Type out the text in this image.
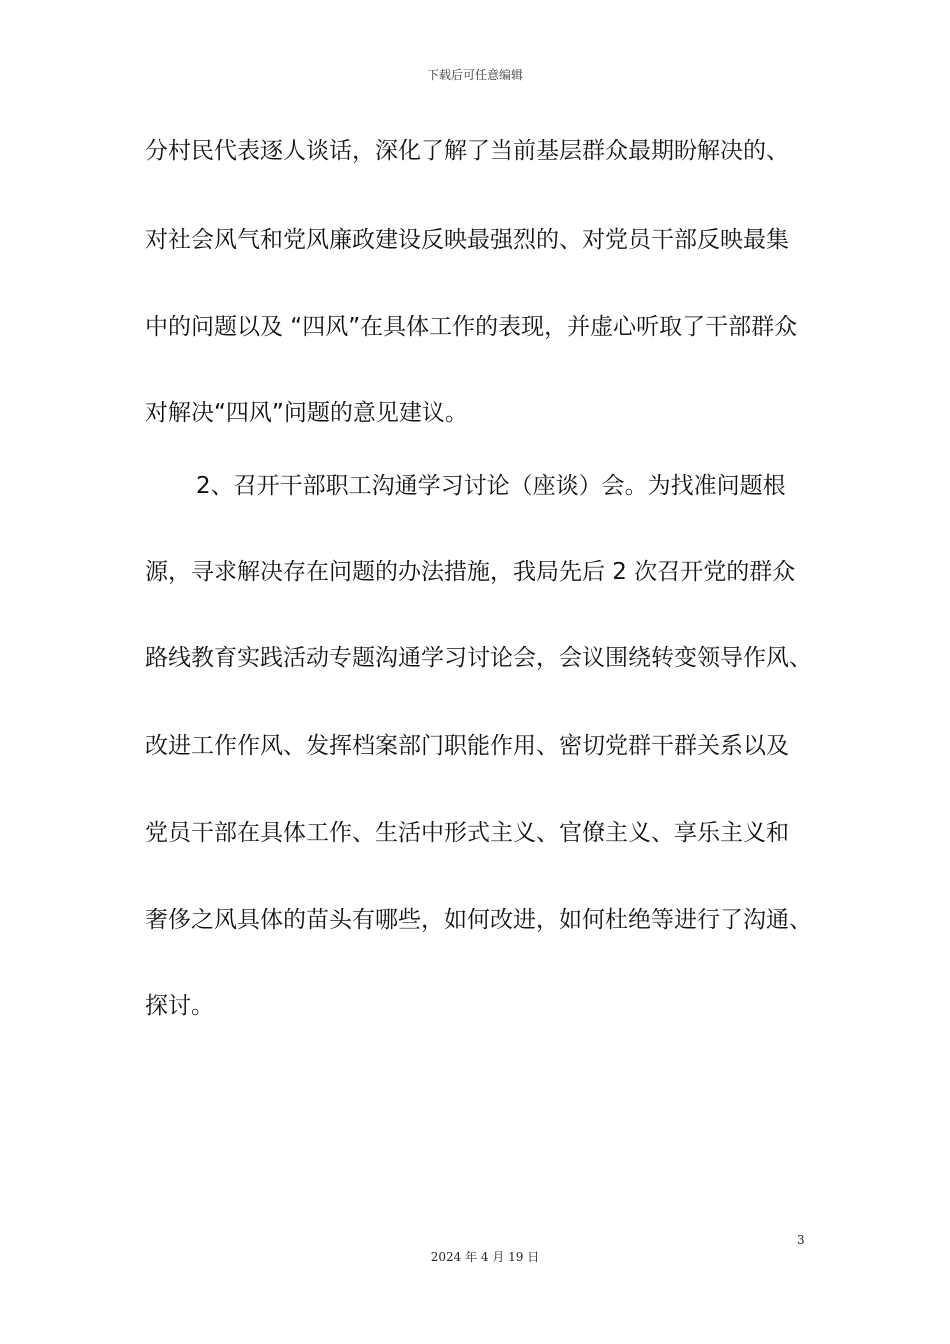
下载后可任意编辑
分村民代表逐人谈话，深化了解了当前基层群众最期盼解决的、
对社会风气和党风廉政建设反映最强烈的、对党员干部反映最集
中的问题以及 “四风”在具体工作的表现，并虚心听取了干部群众
对解决“四风”问题的意见建议。
2、召开干部职工沟通学习讨论（座谈）会。为找准问题根
源，寻求解决存在问题的办法措施，我局先后 2 次召开党的群众
路线教育实践活动专题沟通学习讨论会，会议围绕转变领导作风、
改进工作作风、发挥档案部门职能作用、密切党群干群关系以及
党员干部在具体工作、生活中形式主义、官僚主义、享乐主义和
奢侈之风具体的苗头有哪些，如何改进，如何杜绝等进行了沟通、
探讨。
3
2024 年 4 月 19 日
